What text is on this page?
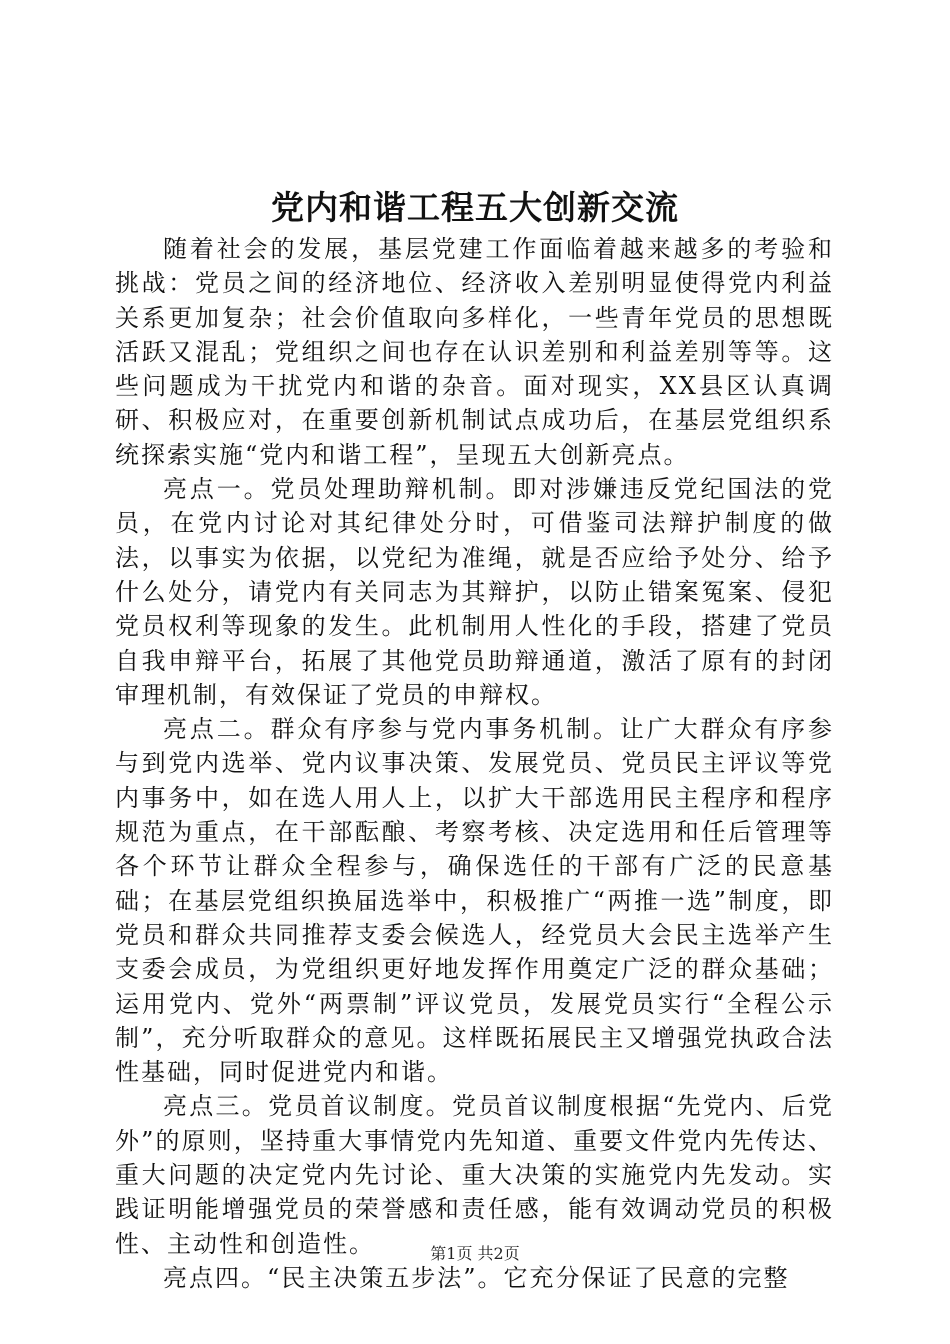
党内和谐工程五大创新交流

随着社会的发展，基层党建工作面临着越来越多的考验和挑战：党员之间的经济地位、经济收入差别明显使得党内利益关系更加复杂；社会价值取向多样化，一些青年党员的思想既活跃又混乱；党组织之间也存在认识差别和利益差别等等。这些问题成为干扰党内和谐的杂音。面对现实，XX县区认真调研、积极应对，在重要创新机制试点成功后，在基层党组织系统探索实施“党内和谐工程”，呈现五大创新亮点。

亮点一。党员处理助辩机制。即对涉嫌违反党纪国法的党员，在党内讨论对其纪律处分时，可借鉴司法辩护制度的做法，以事实为依据，以党纪为准绳，就是否应给予处分、给予什么处分，请党内有关同志为其辩护，以防止错案冤案、侵犯党员权利等现象的发生。此机制用人性化的手段，搭建了党员自我申辩平台，拓展了其他党员助辩通道，激活了原有的封闭审理机制，有效保证了党员的申辩权。

亮点二。群众有序参与党内事务机制。让广大群众有序参与到党内选举、党内议事决策、发展党员、党员民主评议等党内事务中，如在选人用人上，以扩大干部选用民主程序和程序规范为重点，在干部酝酿、考察考核、决定选用和任后管理等各个环节让群众全程参与，确保选任的干部有广泛的民意基础；在基层党组织换届选举中，积极推广“两推一选”制度，即党员和群众共同推荐支委会候选人，经党员大会民主选举产生支委会成员，为党组织更好地发挥作用奠定广泛的群众基础；运用党内、党外“两票制”评议党员，发展党员实行“全程公示制”，充分听取群众的意见。这样既拓展民主又增强党执政合法性基础，同时促进党内和谐。

亮点三。党员首议制度。党员首议制度根据“先党内、后党外”的原则，坚持重大事情党内先知道、重要文件党内先传达、重大问题的决定党内先讨论、重大决策的实施党内先发动。实践证明能增强党员的荣誉感和责任感，能有效调动党员的积极性、主动性和创造性。

亮点四。“民主决策五步法”。它充分保证了民意的完整

第1页 共2页
